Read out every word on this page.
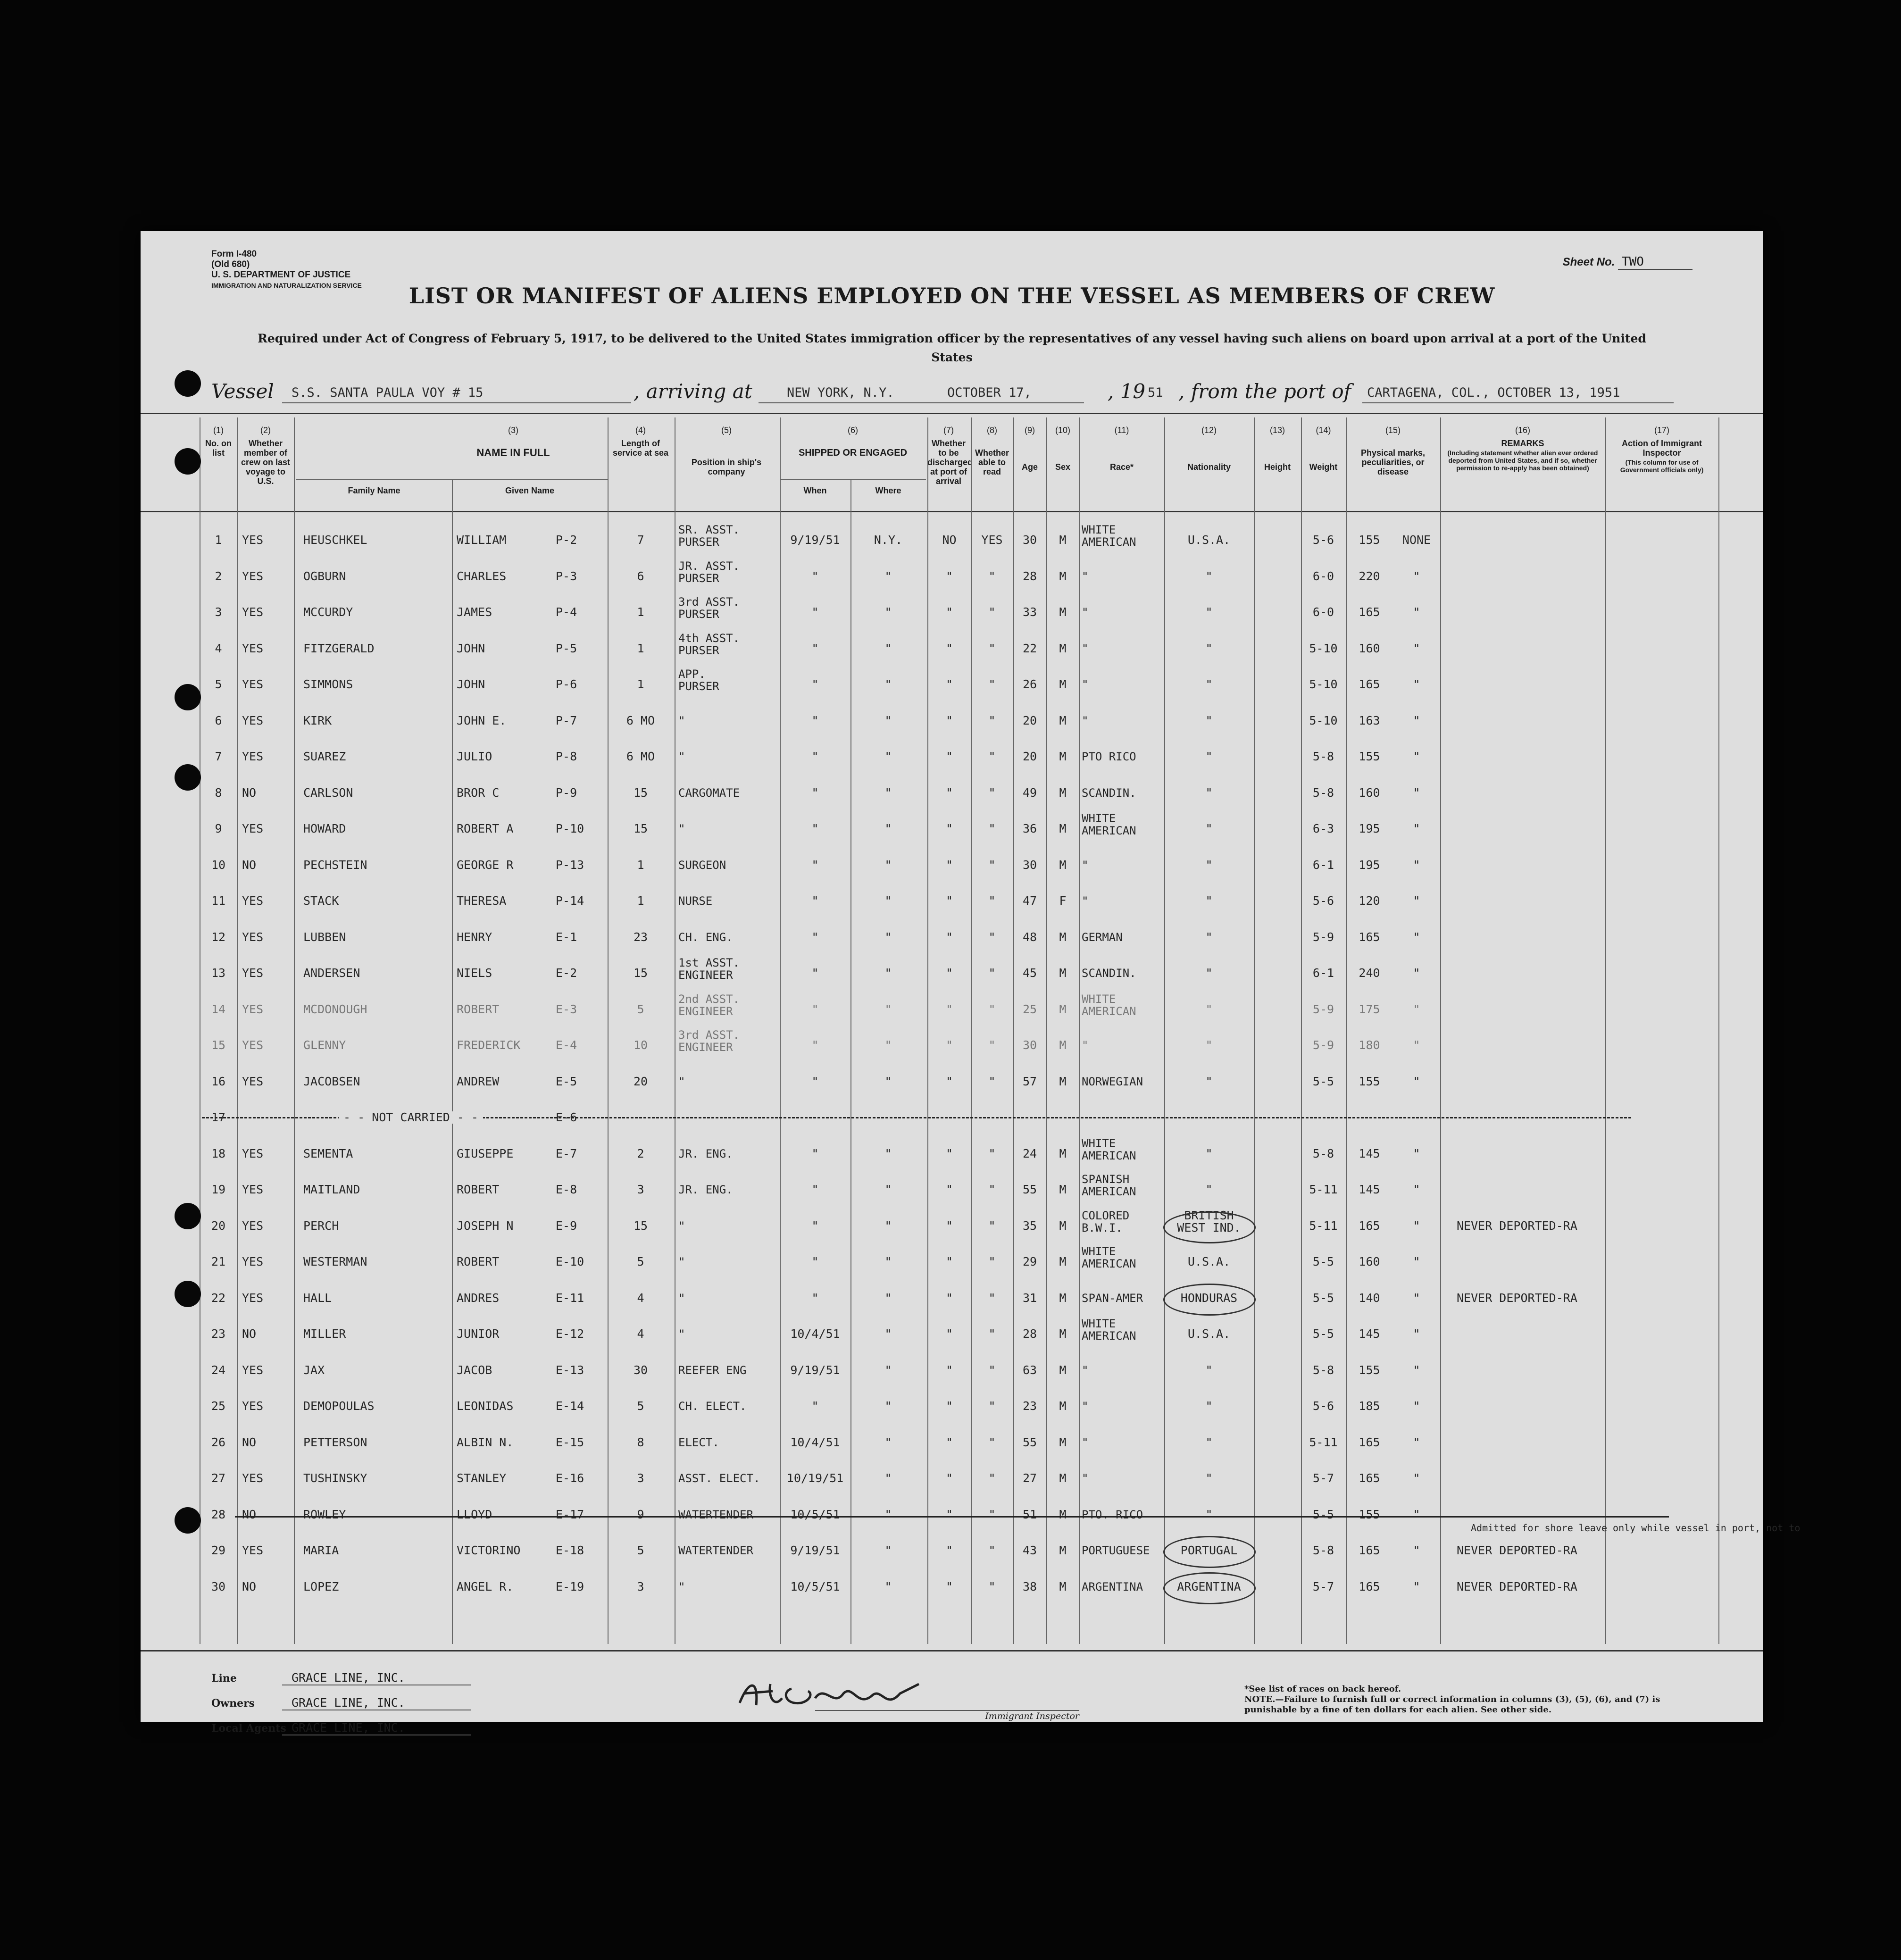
Form I-480
(Old 680)
U. S. DEPARTMENT OF JUSTICE
IMMIGRATION AND NATURALIZATION SERVICE
Sheet No. TWO
LIST OR MANIFEST OF ALIENS EMPLOYED ON THE VESSEL AS MEMBERS OF CREW
Required under Act of Congress of February 5, 1917, to be delivered to the United States immigration officer by the representatives of any vessel having such aliens on board upon arrival at a port of the United States
Vessel S.S. SANTA PAULA VOY # 15	, arriving at	NEW YORK, N.Y.	OCTOBER 17,	, 19 51 , from the port of CARTAGENA, COL., OCTOBER 13, 1951
(1)
No. on list
(2)
Whether member of crew on last voyage to U.S.
(3)
NAME IN FULL
Family Name	Given Name
(4)
Length of service at sea
(5)
Position in ship's company
(6)
SHIPPED OR ENGAGED
When	Where
(7)
Whether to be discharged at port of arrival
(8)
Whether able to read
(9)
Age
(10)
Sex
(11)
Race*
(12)
Nationality
(13)
Height
(14)
Weight
(15)
Physical marks, peculiarities, or disease
(16)
REMARKS
(Including statement whether alien ever ordered deported from United States, and if so, whether permission to re-apply has been obtained)
(17)
Action of Immigrant Inspector
(This column for use of Government officials only)
1	YES	HEUSCHKEL	WILLIAM	P-2	7
SR. ASST.
PURSER	9/19/51	N.Y.	NO	YES	30	M
WHITE
AMERICAN	U.S.A.	5-6	155	NONE
2	YES	OGBURN	CHARLES	P-3	6
JR. ASST.
PURSER	"	"	"	"	28	M	"	"	6-0	220	"
3	YES	MCCURDY	JAMES	P-4	1
3rd ASST.
PURSER	"	"	"	"	33	M	"	"	6-0	165	"
4	YES	FITZGERALD	JOHN	P-5	1
4th ASST.
PURSER	"	"	"	"	22	M	"	"	5-10	160	"
5	YES	SIMMONS	JOHN	P-6	1
APP.
PURSER	"	"	"	"	26	M	"	"	5-10	165	"
6	YES	KIRK	JOHN E.	P-7	6 MO	"	"	"	"	"	20	M	"	"	5-10	163	"
7	YES	SUAREZ	JULIO	P-8	6 MO	"	"	"	"	"	20	M	PTO RICO	"	5-8	155	"
8	NO	CARLSON	BROR C	P-9	15	CARGOMATE	"	"	"	"	49	M	SCANDIN.	"	5-8	160	"
9	YES	HOWARD	ROBERT A	P-10	15	"	"	"	"	"	36	M
WHITE
AMERICAN	"	6-3	195	"
10	NO	PECHSTEIN	GEORGE R	P-13	1	SURGEON	"	"	"	"	30	M	"	"	6-1	195	"
11	YES	STACK	THERESA	P-14	1	NURSE	"	"	"	"	47	F	"	"	5-6	120	"
12	YES	LUBBEN	HENRY	E-1	23	CH. ENG.	"	"	"	"	48	M	GERMAN	"	5-9	165	"
13	YES	ANDERSEN	NIELS	E-2	15
1st ASST.
ENGINEER	"	"	"	"	45	M	SCANDIN.	"	6-1	240	"
14	YES	MCDONOUGH	ROBERT	E-3	5
2nd ASST.
ENGINEER	"	"	"	"	25	M
WHITE
AMERICAN	"	5-9	175	"
15	YES	GLENNY	FREDERICK	E-4	10
3rd ASST.
ENGINEER	"	"	"	"	30	M	"	"	5-9	180	"
16	YES	JACOBSEN	ANDREW	E-5	20	"	"	"	"	"	57	M	NORWEGIAN	"	5-5	155	"
17	E-6
- - NOT CARRIED - -
18	YES	SEMENTA	GIUSEPPE	E-7	2	JR. ENG.	"	"	"	"	24	M
WHITE
AMERICAN	"	5-8	145	"
19	YES	MAITLAND	ROBERT	E-8	3	JR. ENG.	"	"	"	"	55	M
SPANISH
AMERICAN	"	5-11	145	"
20	YES	PERCH	JOSEPH N	E-9	15	"	"	"	"	"	35	M
COLORED
B.W.I.
BRITISH
WEST IND.	5-11	165	"	NEVER DEPORTED-RA
21	YES	WESTERMAN	ROBERT	E-10	5	"	"	"	"	"	29	M
WHITE
AMERICAN	U.S.A.	5-5	160	"
22	YES	HALL	ANDRES	E-11	4	"	"	"	"	"	31	M	SPAN-AMER	HONDURAS	5-5	140	"	NEVER DEPORTED-RA
23	NO	MILLER	JUNIOR	E-12	4	"	10/4/51	"	"	"	28	M
WHITE
AMERICAN	U.S.A.	5-5	145	"
24	YES	JAX	JACOB	E-13	30	REEFER ENG	9/19/51	"	"	"	63	M	"	"	5-8	155	"
25	YES	DEMOPOULAS	LEONIDAS	E-14	5	CH. ELECT.	"	"	"	"	23	M	"	"	5-6	185	"
26	NO	PETTERSON	ALBIN N.	E-15	8	ELECT.	10/4/51	"	"	"	55	M	"	"	5-11	165	"
27	YES	TUSHINSKY	STANLEY	E-16	3	ASST. ELECT.	10/19/51	"	"	"	27	M	"	"	5-7	165	"
28	NO	ROWLEY	LLOYD	E-17	9	WATERTENDER	10/5/51	"	"	"	51	M	PTO. RICO	"	5-5	155	"
Admitted for shore leave only while vessel in port, not to
29	YES	MARIA	VICTORINO	E-18	5	WATERTENDER	9/19/51	"	"	"	43	M	PORTUGUESE	PORTUGAL	5-8	165	"	NEVER DEPORTED-RA
30	NO	LOPEZ	ANGEL R.	E-19	3	"	10/5/51	"	"	"	38	M	ARGENTINA	ARGENTINA	5-7	165	"	NEVER DEPORTED-RA
Line	GRACE LINE, INC.
Owners	GRACE LINE, INC.
Local Agents GRACE LINE, INC.
Immigrant Inspector
*See list of races on back hereof.
NOTE.—Failure to furnish full or correct information in columns (3), (5), (6), and (7) is punishable by a fine of ten dollars for each alien. See other side.
